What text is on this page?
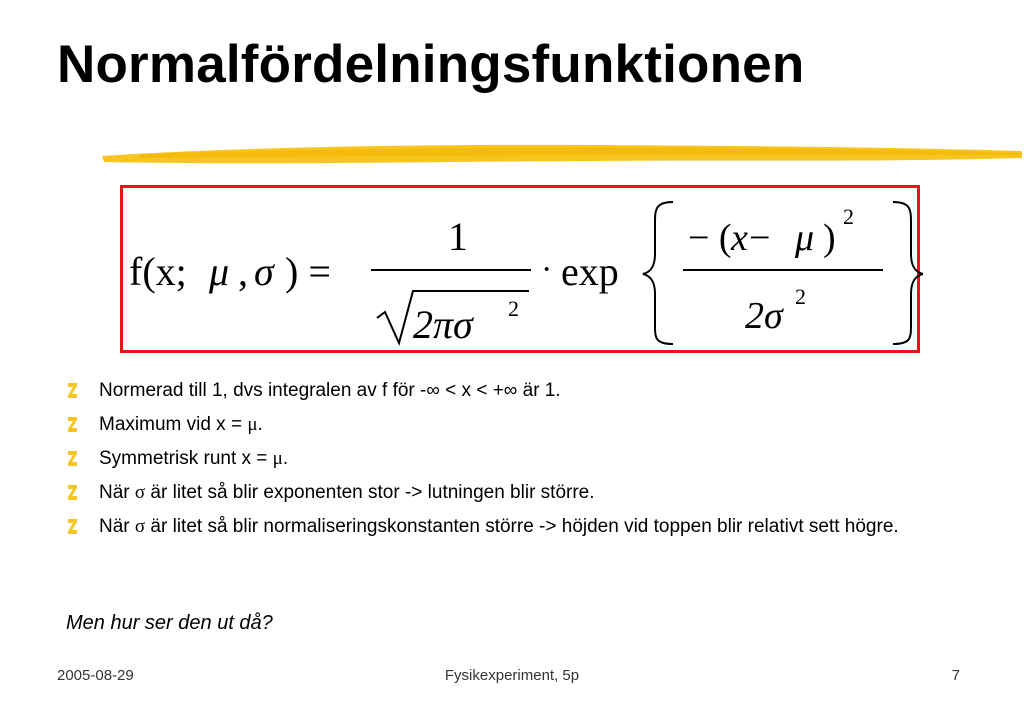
Normalfördelningsfunktionen
f(x; μ , σ ) =
1
2πσ 2
· exp
− ( x − μ )
2
2σ 2
Normerad till 1, dvs integralen av f för -∞ < x < +∞ är 1.
Maximum vid x = μ.
Symmetrisk runt x = μ.
När σ är litet så blir exponenten stor -> lutningen blir större.
När σ är litet så blir normaliseringskonstanten större -> höjden vid toppen blir relativt sett högre.
Men hur ser den ut då?
2005-08-29	Fysikexperiment, 5p	7
